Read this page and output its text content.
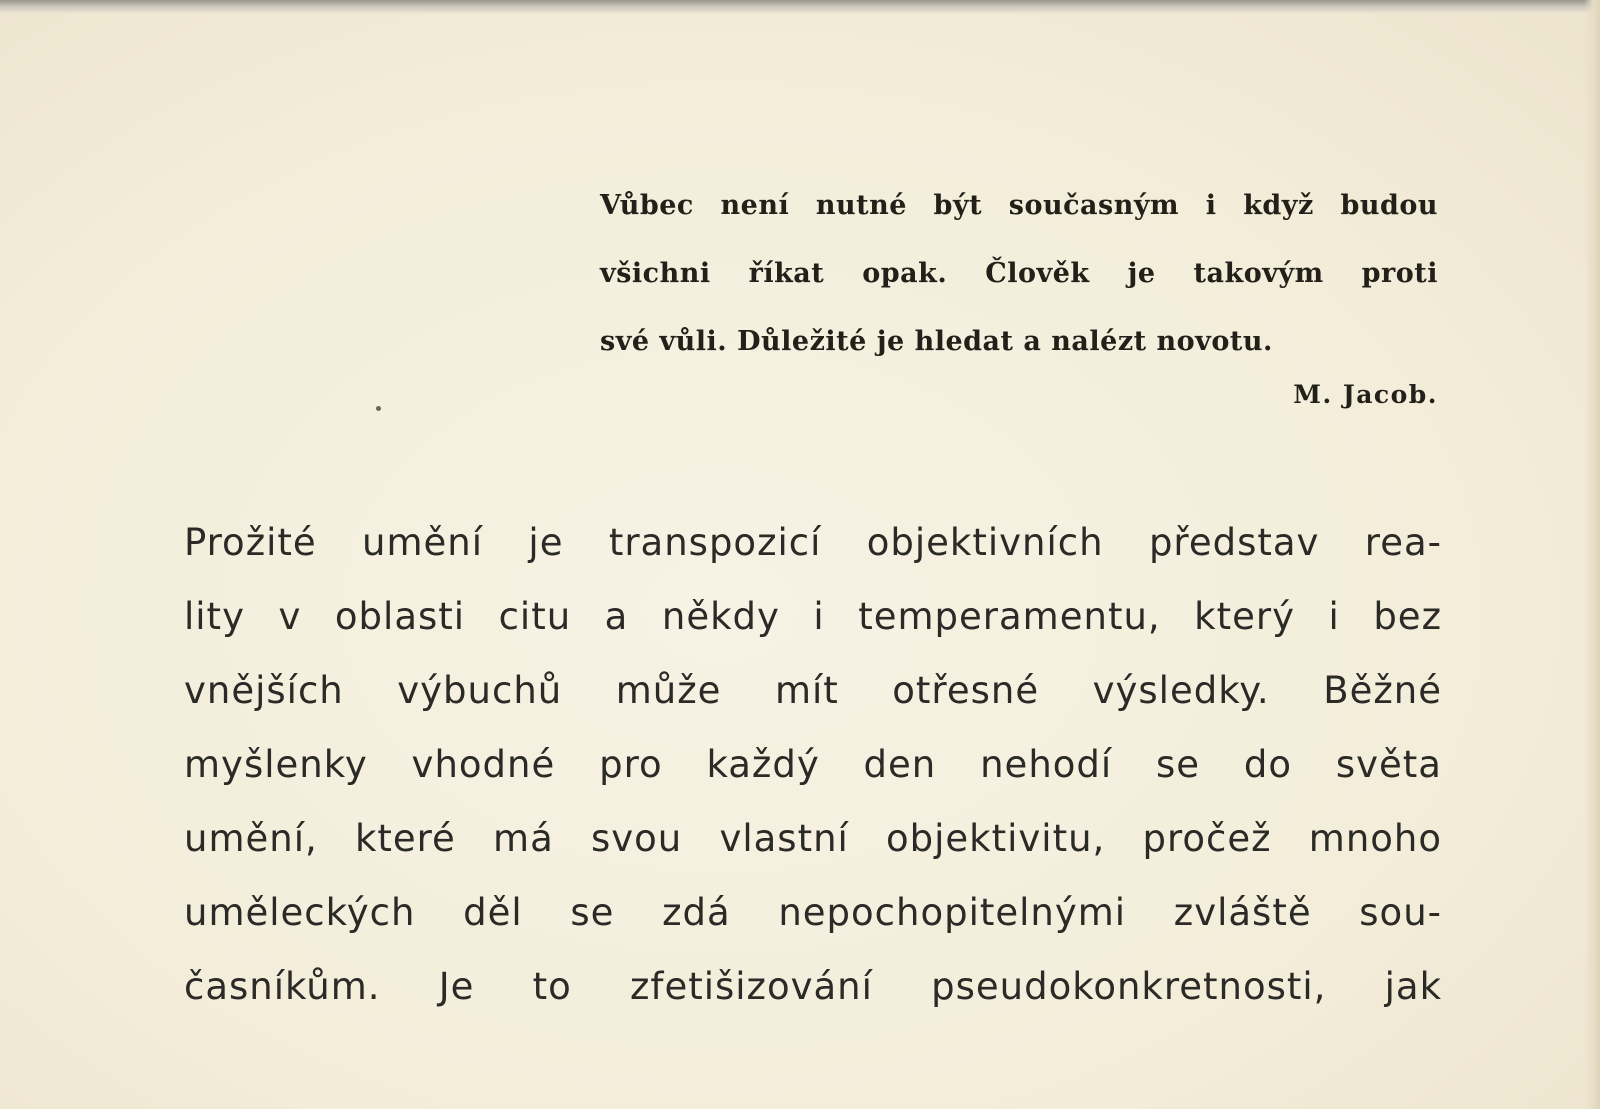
Vůbec není nutné být současným i když budou
všichni říkat opak. Člověk je takovým proti
své vůli. Důležité je hledat a nalézt novotu.
M. Jacob.
Prožité umění je transpozicí objektivních představ rea-
lity v oblasti citu a někdy i temperamentu, který i bez
vnějších výbuchů může mít otřesné výsledky. Běžné
myšlenky vhodné pro každý den nehodí se do světa
umění, které má svou vlastní objektivitu, pročež mnoho
uměleckých děl se zdá nepochopitelnými zvláště sou-
časníkům. Je to zfetišizování pseudokonkretnosti, jak
